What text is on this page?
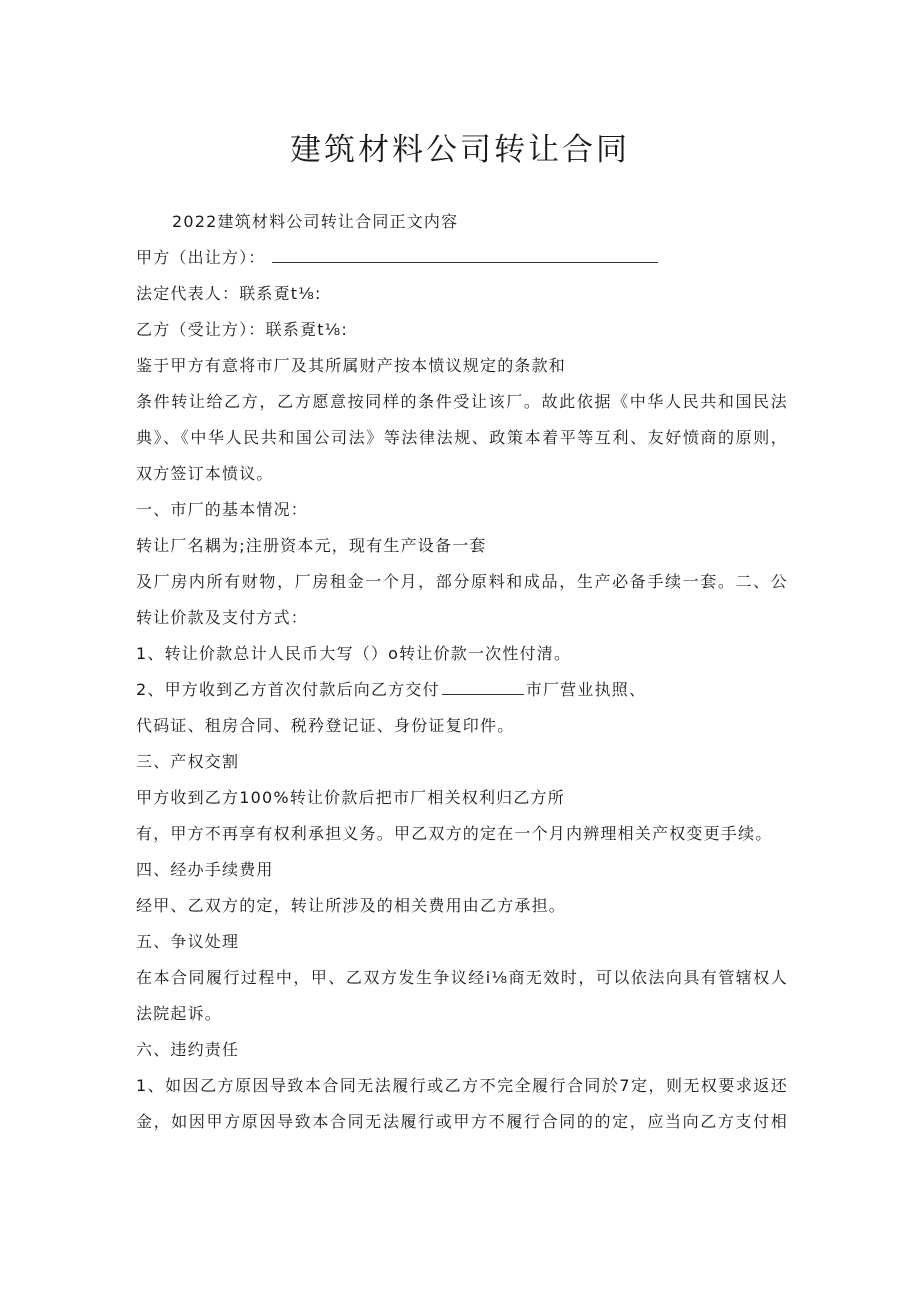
建筑材料公司转让合同
2022建筑材料公司转让合同正文内容
甲方（出让方）：
法定代表人：联系覔t⅛:
乙方（受让方）：联系覔t⅛:
鉴于甲方有意将市厂及其所属财产按本愤议规定的条款和
条件转让给乙方，乙方愿意按同样的条件受让该厂。故此依据《中华人民共和国民法
典》、《中华人民共和国公司法》等法律法规、政策本着平等互利、友好愤商的原则，
双方签订本愤议。
一、市厂的基本情况：
转让厂名耦为;注册资本元，现有生产设备一套
及厂房内所有财物，厂房租金一个月，部分原料和成品，生产必备手续一套。二、公
转让价款及支付方式：
1、转让价款总计人民币大写（）o转让价款一次性付清。
2、甲方收到乙方首次付款后向乙方交付	市厂营业执照、
代码证、租房合同、税矜登记证、身份证复印件。
三、产权交割
甲方收到乙方100%转让价款后把市厂相关权利归乙方所
有，甲方不再享有权利承担义务。甲乙双方的定在一个月内辨理相关产权变更手续。
四、经办手续费用
经甲、乙双方的定，转让所涉及的相关费用由乙方承担。
五、争议处理
在本合同履行过程中，甲、乙双方发生争议经i⅛商无效时，可以依法向具有管辖权人
法院起诉。
六、违约责任
1、如因乙方原因导致本合同无法履行或乙方不完全履行合同於7定，则无权要求返还
金，如因甲方原因导致本合同无法履行或甲方不履行合同的的定，应当向乙方支付相
